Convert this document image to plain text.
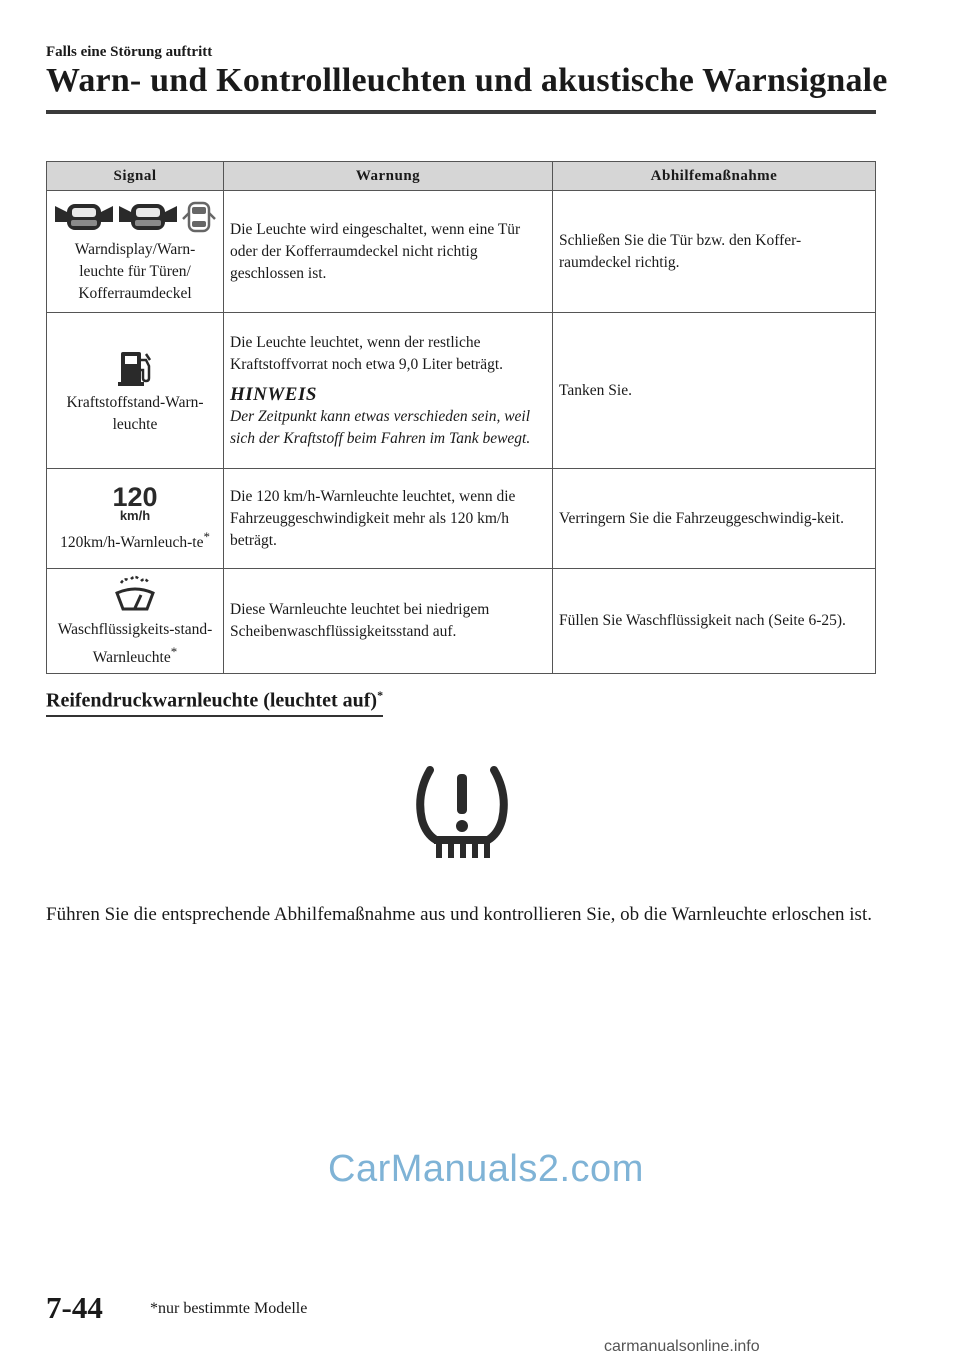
Falls eine Störung auftritt
Warn- und Kontrollleuchten und akustische Warnsignale
Signal	Warnung	Abhilfemaßnahme

Warndisplay/Warn-leuchte für Türen/ Kofferraumdeckel	Die Leuchte wird eingeschaltet, wenn eine Tür oder der Kofferraumdeckel nicht richtig geschlossen ist.	Schließen Sie die Tür bzw. den Koffer-raumdeckel richtig.

Kraftstoffstand-Warn-leuchte	Die Leuchte leuchtet, wenn der restliche Kraftstoffvorrat noch etwa 9,0 Liter beträgt.
HINWEIS
Der Zeitpunkt kann etwas verschieden sein, weil sich der Kraftstoff beim Fahren im Tank bewegt.	Tanken Sie.

120
km/h
120km/h-Warnleuch-te*	Die 120 km/h-Warnleuchte leuchtet, wenn die Fahrzeuggeschwindigkeit mehr als 120 km/h beträgt.	Verringern Sie die Fahrzeuggeschwindig-keit.

Waschflüssigkeits-stand-Warnleuchte*	Diese Warnleuchte leuchtet bei niedrigem Scheibenwaschflüssigkeitsstand auf.	Füllen Sie Waschflüssigkeit nach (Seite 6-25).
Reifendruckwarnleuchte (leuchtet auf)*
Führen Sie die entsprechende Abhilfemaßnahme aus und kontrollieren Sie, ob die Warnleuchte erloschen ist.
CarManuals2.com
7-44	*nur bestimmte Modelle
carmanualsonline.info
